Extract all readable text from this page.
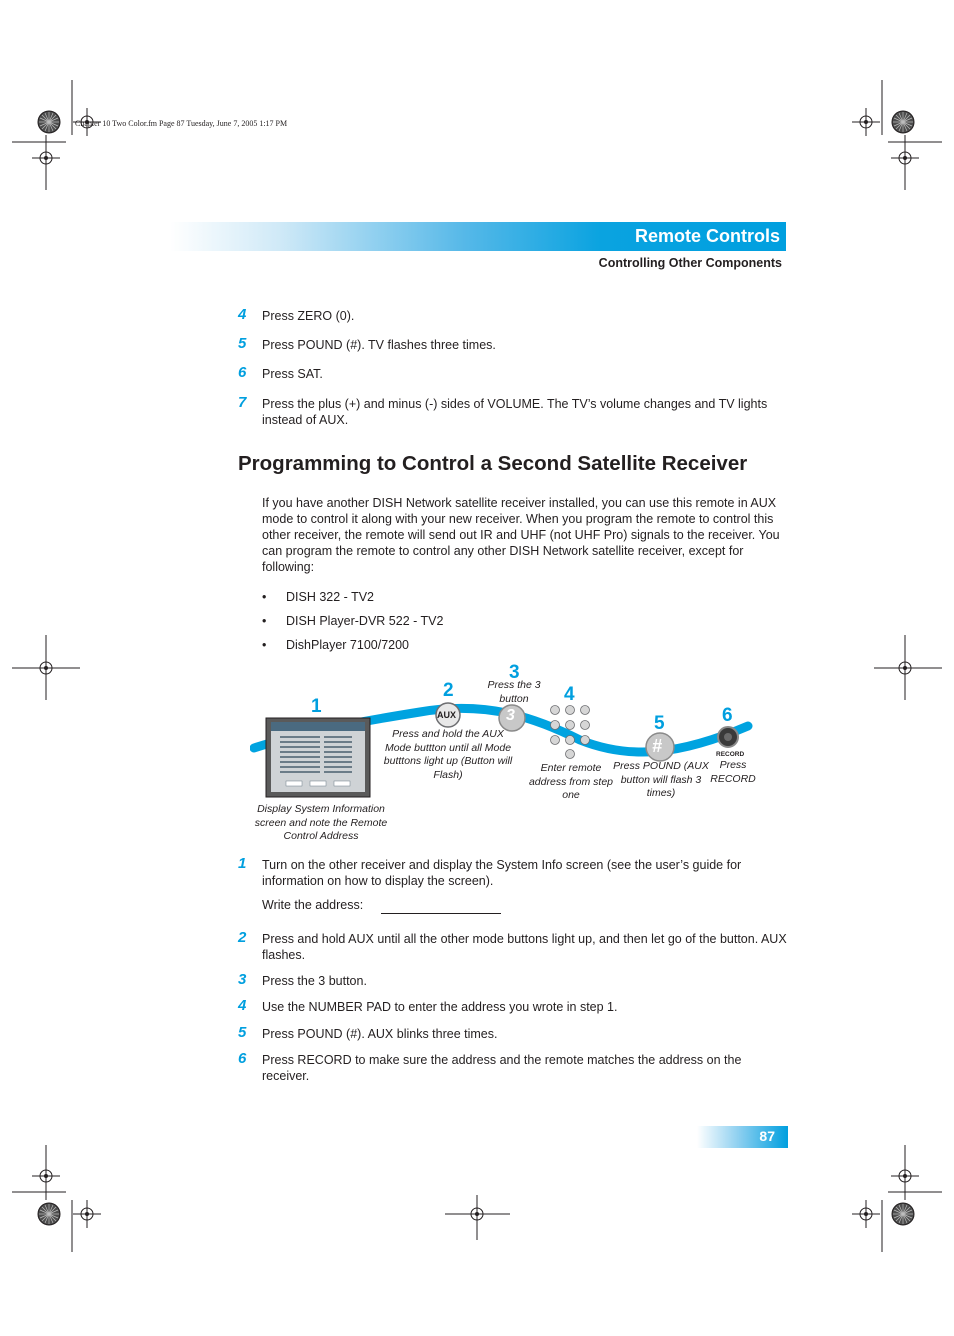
Chapter 10 Two Color.fm Page 87 Tuesday, June 7, 2005 1:17 PM
Remote Controls
Controlling Other Components
4 Press ZERO (0).
5 Press POUND (#). TV flashes three times.
6 Press SAT.
7 Press the plus (+) and minus (-) sides of VOLUME. The TV’s volume changes and TV lights instead of AUX.
Programming to Control a Second Satellite Receiver
If you have another DISH Network satellite receiver installed, you can use this remote in AUX mode to control it along with your new receiver. When you program the remote to control this other receiver, the remote will send out IR and UHF (not UHF Pro) signals to the receiver. You can program the remote to control any other DISH Network satellite receiver, except for following:
• DISH 322 - TV2
• DISH Player-DVR 522 - TV2
• DishPlayer 7100/7200
AUX	3
#	RECORD
1
2
3
4
5	6
Display System Information screen and note the Remote Control Address
Press and hold the AUX Mode buttton until all Mode butttons light up (Button will Flash)
Press the 3 button
Enter remote address from step one
Press POUND (AUX button will flash 3 times)
Press RECORD
1 Turn on the other receiver and display the System Info screen (see the user’s guide for information on how to display the screen).
Write the address:
2 Press and hold AUX until all the other mode buttons light up, and then let go of the button. AUX flashes.
3 Press the 3 button.
4 Use the NUMBER PAD to enter the address you wrote in step 1.
5 Press POUND (#). AUX blinks three times.
6 Press RECORD to make sure the address and the remote matches the address on the receiver.
87
